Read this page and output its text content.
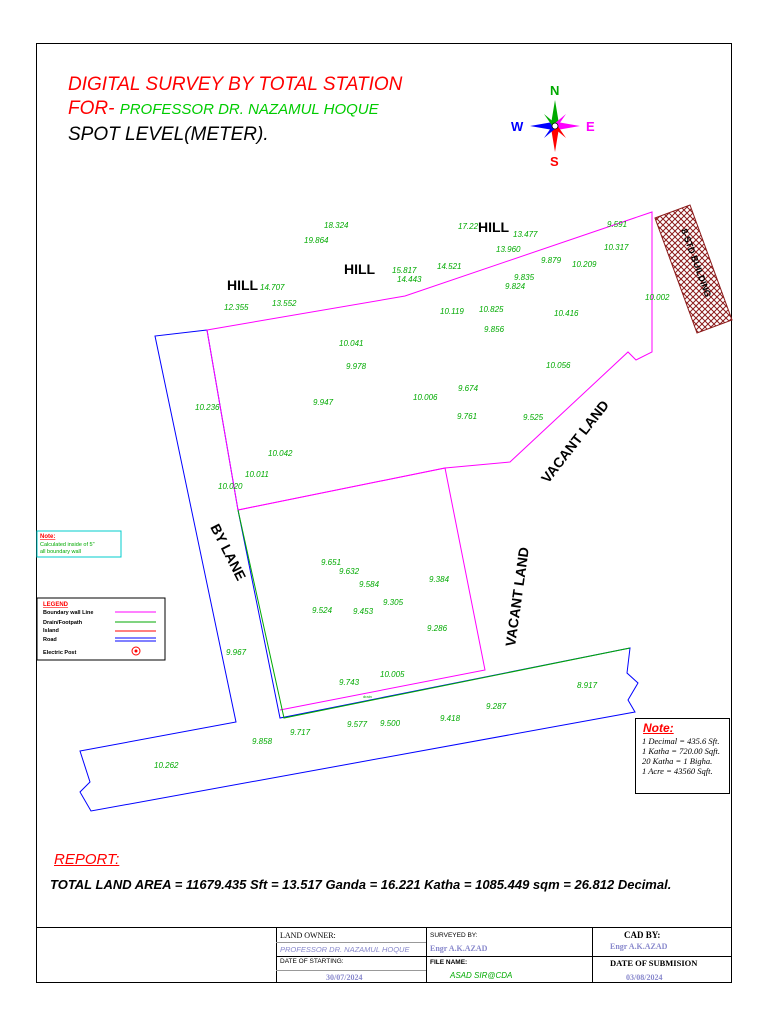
DIGITAL SURVEY BY TOTAL STATION
FOR- PROFESSOR DR. NAZAMUL HOQUE
SPOT LEVEL(METER).
N
S
E
W
8-STD BUILDING
HILL
HILL
HILL
VACANT LAND
VACANT LAND
BY LANE
drain
18.324
19.864
17.22
13.477
9.591
13.960	10.317
9.879 10.209
15.817
14.443
14.521
9.835
9.824
14.707
13.552
12.355	10.119 10.825	10.416
9.856
10.002
10.041
9.978	10.056
9.674
10.006
9.947
10.236
9.761	9.525
10.042
10.011
10.020
9.651
9.632
9.584
9.384
9.305
9.524	9.453
9.286
9.967
10.005
9.743	8.917
9.287
9.418
9.577 9.500
9.717
9.858
10.262
Note:
Calculated inside of 5"
all boundary wall
LEGEND
Boundary wall Line
Drain/Footpath
Island
Road
Electric Post
Note:
1 Decimal = 435.6 Sft.
1 Katha = 720.00 Sqft.
20 Katha = 1 Bigha.
1 Acre = 43560 Sqft.
REPORT:
TOTAL LAND AREA = 11679.435 Sft = 13.517 Ganda = 16.221 Katha = 1085.449 sqm = 26.812 Decimal.
LAND OWNER:
PROFESSOR DR. NAZAMUL HOQUE
DATE OF STARTING:
30/07/2024
SURVEYED BY:
Engr A.K.AZAD
FILE NAME:
ASAD SIR@CDA
CAD BY:
Engr A.K.AZAD
DATE OF SUBMISION
03/08/2024
